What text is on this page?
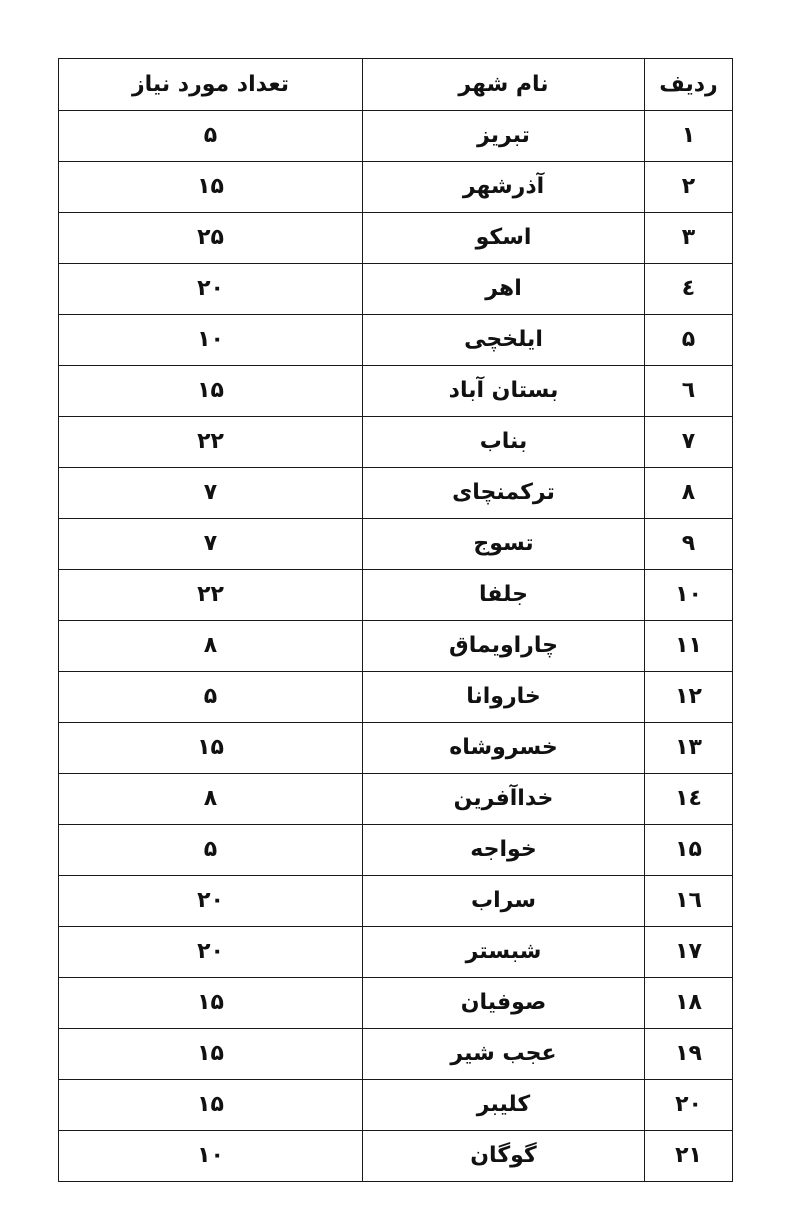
ردیف	نام شهر	تعداد مورد نیاز
۱	تبریز	۵
۲	آذرشهر	۱۵
۳	اسکو	۲۵
٤	اهر	۲۰
۵	ایلخچی	۱۰
٦	بستان آباد	۱۵
۷	بناب	۲۲
۸	ترکمنچای	۷
۹	تسوج	۷
۱۰	جلفا	۲۲
۱۱	چاراویماق	۸
۱۲	خاروانا	۵
۱۳	خسروشاه	۱۵
١٤	خداآفرین	۸
۱۵	خواجه	۵
١٦	سراب	۲۰
۱۷	شبستر	۲۰
۱۸	صوفیان	۱۵
۱۹	عجب شیر	۱۵
۲۰	کلیبر	۱۵
۲۱	گوگان	۱۰
